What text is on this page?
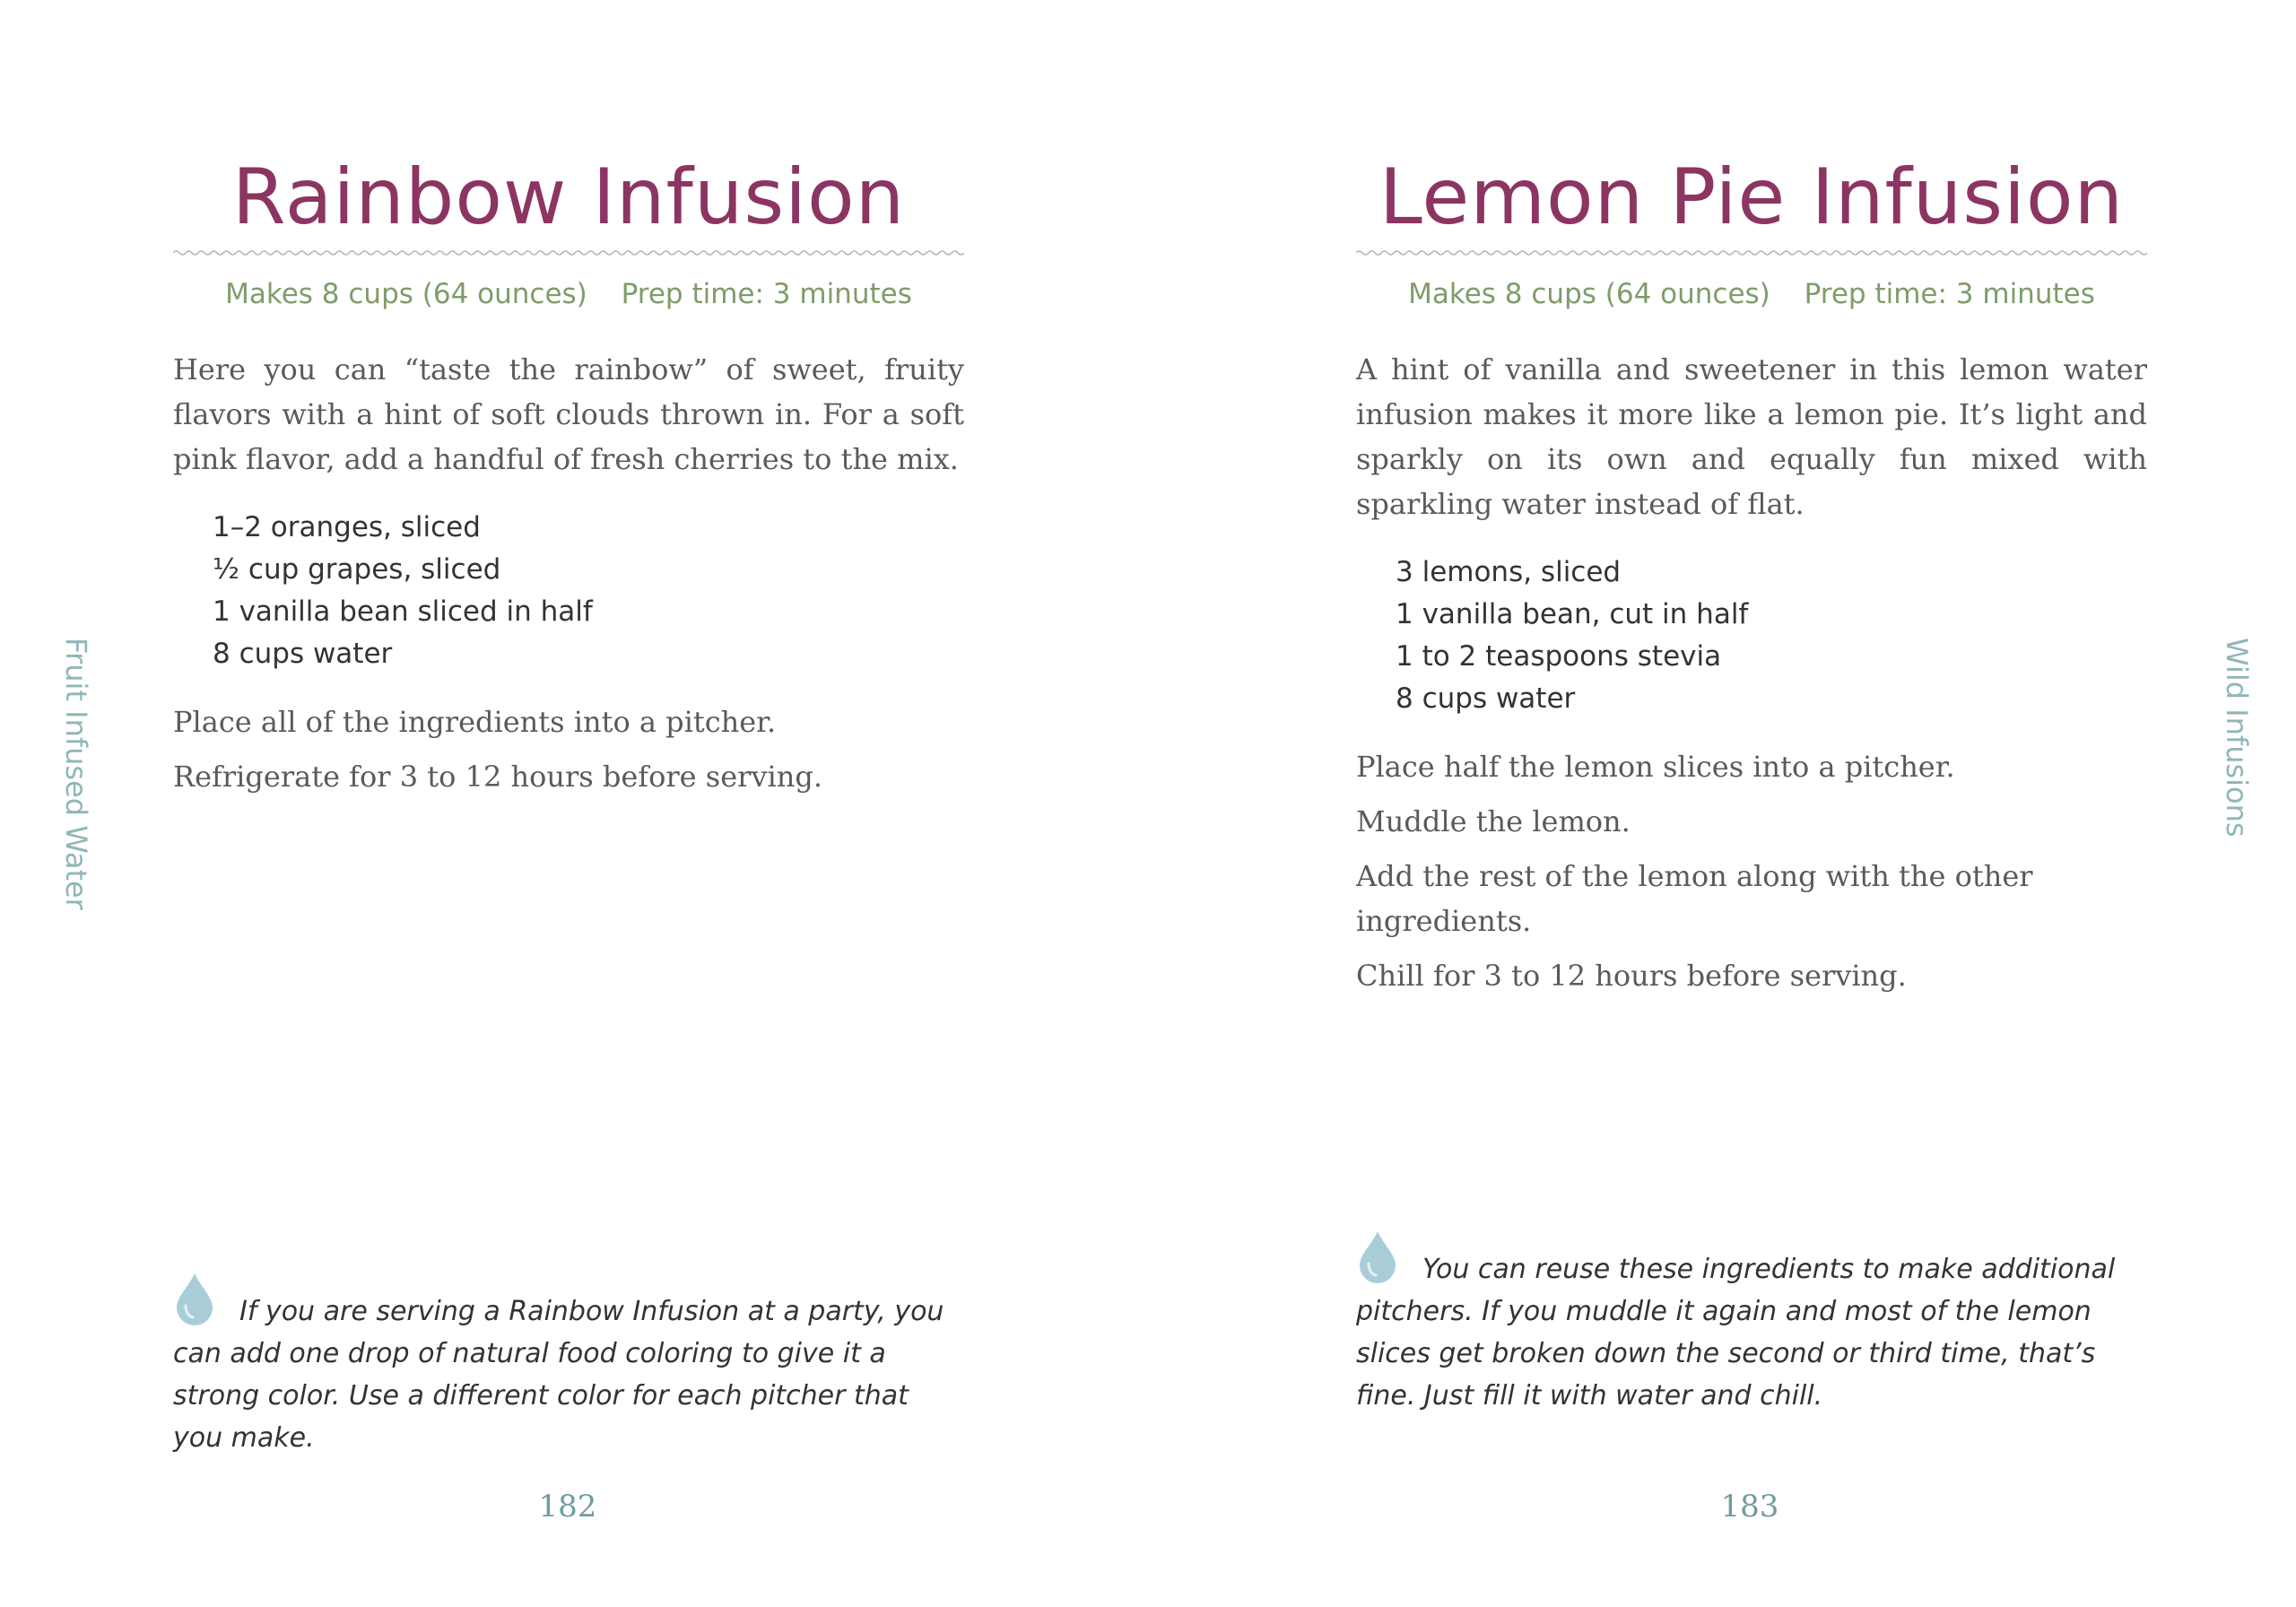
Fruit Infused Water
Rainbow Infusion
Makes 8 cups (64 ounces) Prep time: 3 minutes

Here you can “taste the rainbow” of sweet, fruity flavors with a hint of soft clouds thrown in. For a soft pink flavor, add a handful of fresh cherries to the mix.

1–2 oranges, sliced
½ cup grapes, sliced
1 vanilla bean sliced in half
8 cups water

Place all of the ingredients into a pitcher.

Refrigerate for 3 to 12 hours before serving.

If you are serving a Rainbow Infusion at a party, you can add one drop of natural food coloring to give it a strong color. Use a different color for each pitcher that you make.

182
Wild Infusions
Lemon Pie Infusion
Makes 8 cups (64 ounces) Prep time: 3 minutes

A hint of vanilla and sweetener in this lemon water infusion makes it more like a lemon pie. It’s light and sparkly on its own and equally fun mixed with sparkling water instead of flat.

3 lemons, sliced
1 vanilla bean, cut in half
1 to 2 teaspoons stevia
8 cups water

Place half the lemon slices into a pitcher.

Muddle the lemon.

Add the rest of the lemon along with the other ingredients.

Chill for 3 to 12 hours before serving.

You can reuse these ingredients to make additional pitchers. If you muddle it again and most of the lemon slices get broken down the second or third time, that’s fine. Just fill it with water and chill.

183
